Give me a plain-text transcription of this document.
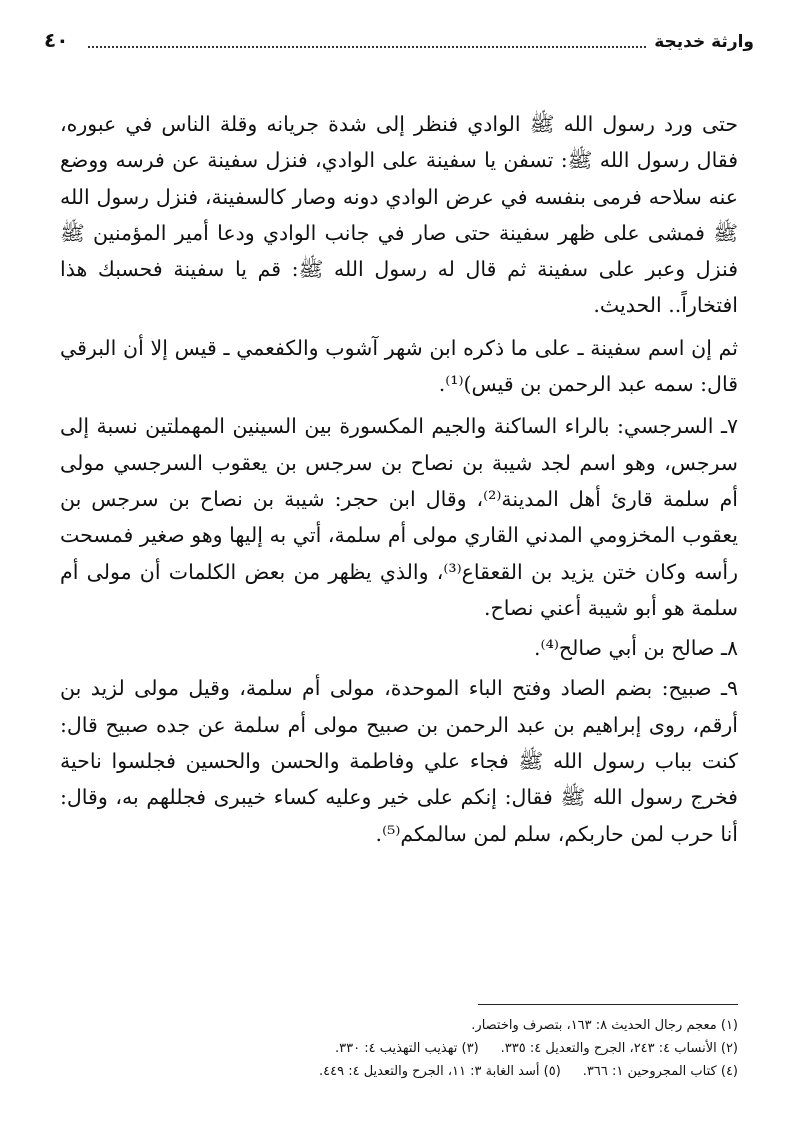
وارثة خديجة
٤٠

حتى ورد رسول الله ﷺ الوادي فنظر إلى شدة جريانه وقلة الناس في عبوره، فقال رسول الله ﷺ: تسفن يا سفينة على الوادي، فنزل سفينة عن فرسه ووضع عنه سلاحه فرمى بنفسه في عرض الوادي دونه وصار كالسفينة، فنزل رسول الله ﷺ فمشى على ظهر سفينة حتى صار في جانب الوادي ودعا أمير المؤمنين ﷺ فنزل وعبر على سفينة ثم قال له رسول الله ﷺ: قم يا سفينة فحسبك هذا افتخاراً.. الحديث.

ثم إن اسم سفينة ـ على ما ذكره ابن شهر آشوب والكفعمي ـ قيس إلا أن البرقي قال: سمه عبد الرحمن بن قيس)⁽¹⁾.

٧ـ السرجسي: بالراء الساكنة والجيم المكسورة بين السينين المهملتين نسبة إلى سرجس، وهو اسم لجد شيبة بن نصاح بن سرجس بن يعقوب السرجسي مولى أم سلمة قارئ أهل المدينة⁽²⁾، وقال ابن حجر: شيبة بن نصاح بن سرجس بن يعقوب المخزومي المدني القاري مولى أم سلمة، أتي به إليها وهو صغير فمسحت رأسه وكان ختن يزيد بن القعقاع⁽³⁾، والذي يظهر من بعض الكلمات أن مولى أم سلمة هو أبو شيبة أعني نصاح.

٨ـ صالح بن أبي صالح⁽⁴⁾.

٩ـ صبيح: بضم الصاد وفتح الباء الموحدة، مولى أم سلمة، وقيل مولى لزيد بن أرقم، روى إبراهيم بن عبد الرحمن بن صبيح مولى أم سلمة عن جده صبيح قال: كنت بباب رسول الله ﷺ فجاء علي وفاطمة والحسن والحسين فجلسوا ناحية فخرج رسول الله ﷺ فقال: إنكم على خير وعليه كساء خيبرى فجللهم به، وقال: أنا حرب لمن حاربكم، سلم لمن سالمكم⁽⁵⁾.

(١) معجم رجال الحديث ٨: ١٦٣، بتصرف واختصار.
(٢) الأنساب ٤: ٢٤٣، الجرح والتعديل ٤: ٣٣٥.
(٣) تهذيب التهذيب ٤: ٣٣٠.
(٤) كتاب المجروحين ١: ٣٦٦.
(٥) أسد الغابة ٣: ١١، الجرح والتعديل ٤: ٤٤٩.
